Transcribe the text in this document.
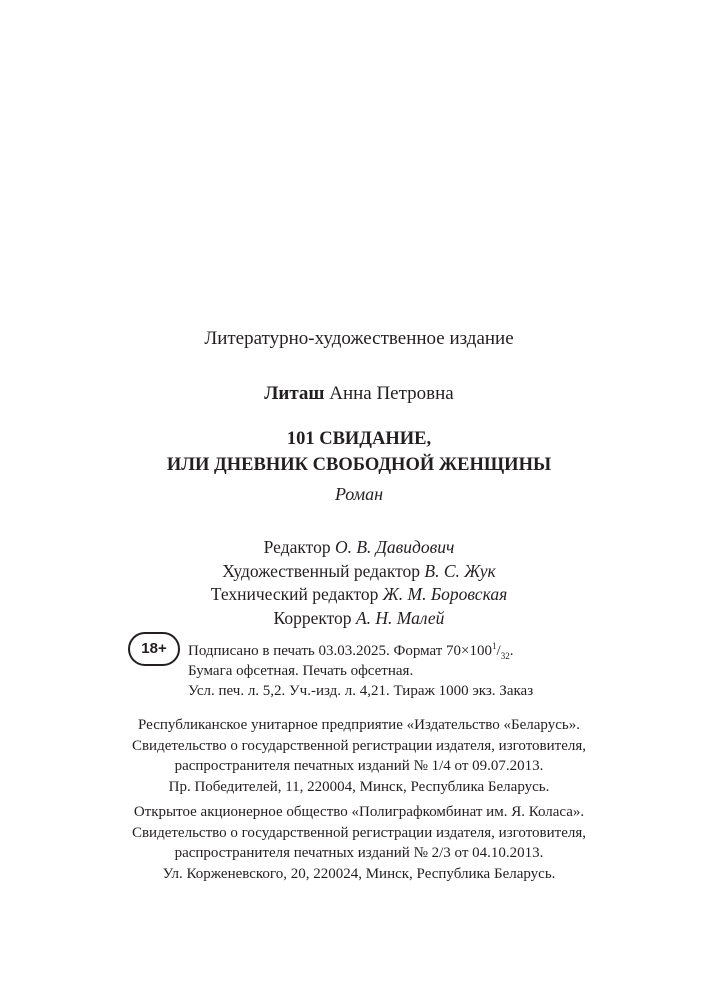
Литературно-художественное издание
Литаш Анна Петровна
101 СВИДАНИЕ,
ИЛИ ДНЕВНИК СВОБОДНОЙ ЖЕНЩИНЫ
Роман
Редактор О. В. Давидович
Художественный редактор В. С. Жук
Технический редактор Ж. М. Боровская
Корректор А. Н. Малей
18+	Подписано в печать 03.03.2025. Формат $70\times 100^1/_{32}$.
Бумага офсетная. Печать офсетная.
Усл. печ. л. 5,2. Уч.-изд. л. 4,21. Тираж 1000 экз. Заказ
Республиканское унитарное предприятие «Издательство «Беларусь».
Свидетельство о государственной регистрации издателя, изготовителя,
распространителя печатных изданий № 1/4 от 09.07.2013.
Пр. Победителей, 11, 220004, Минск, Республика Беларусь.
Открытое акционерное общество «Полиграфкомбинат им. Я. Коласа».
Свидетельство о государственной регистрации издателя, изготовителя,
распространителя печатных изданий № 2/3 от 04.10.2013.
Ул. Корженевского, 20, 220024, Минск, Республика Беларусь.
